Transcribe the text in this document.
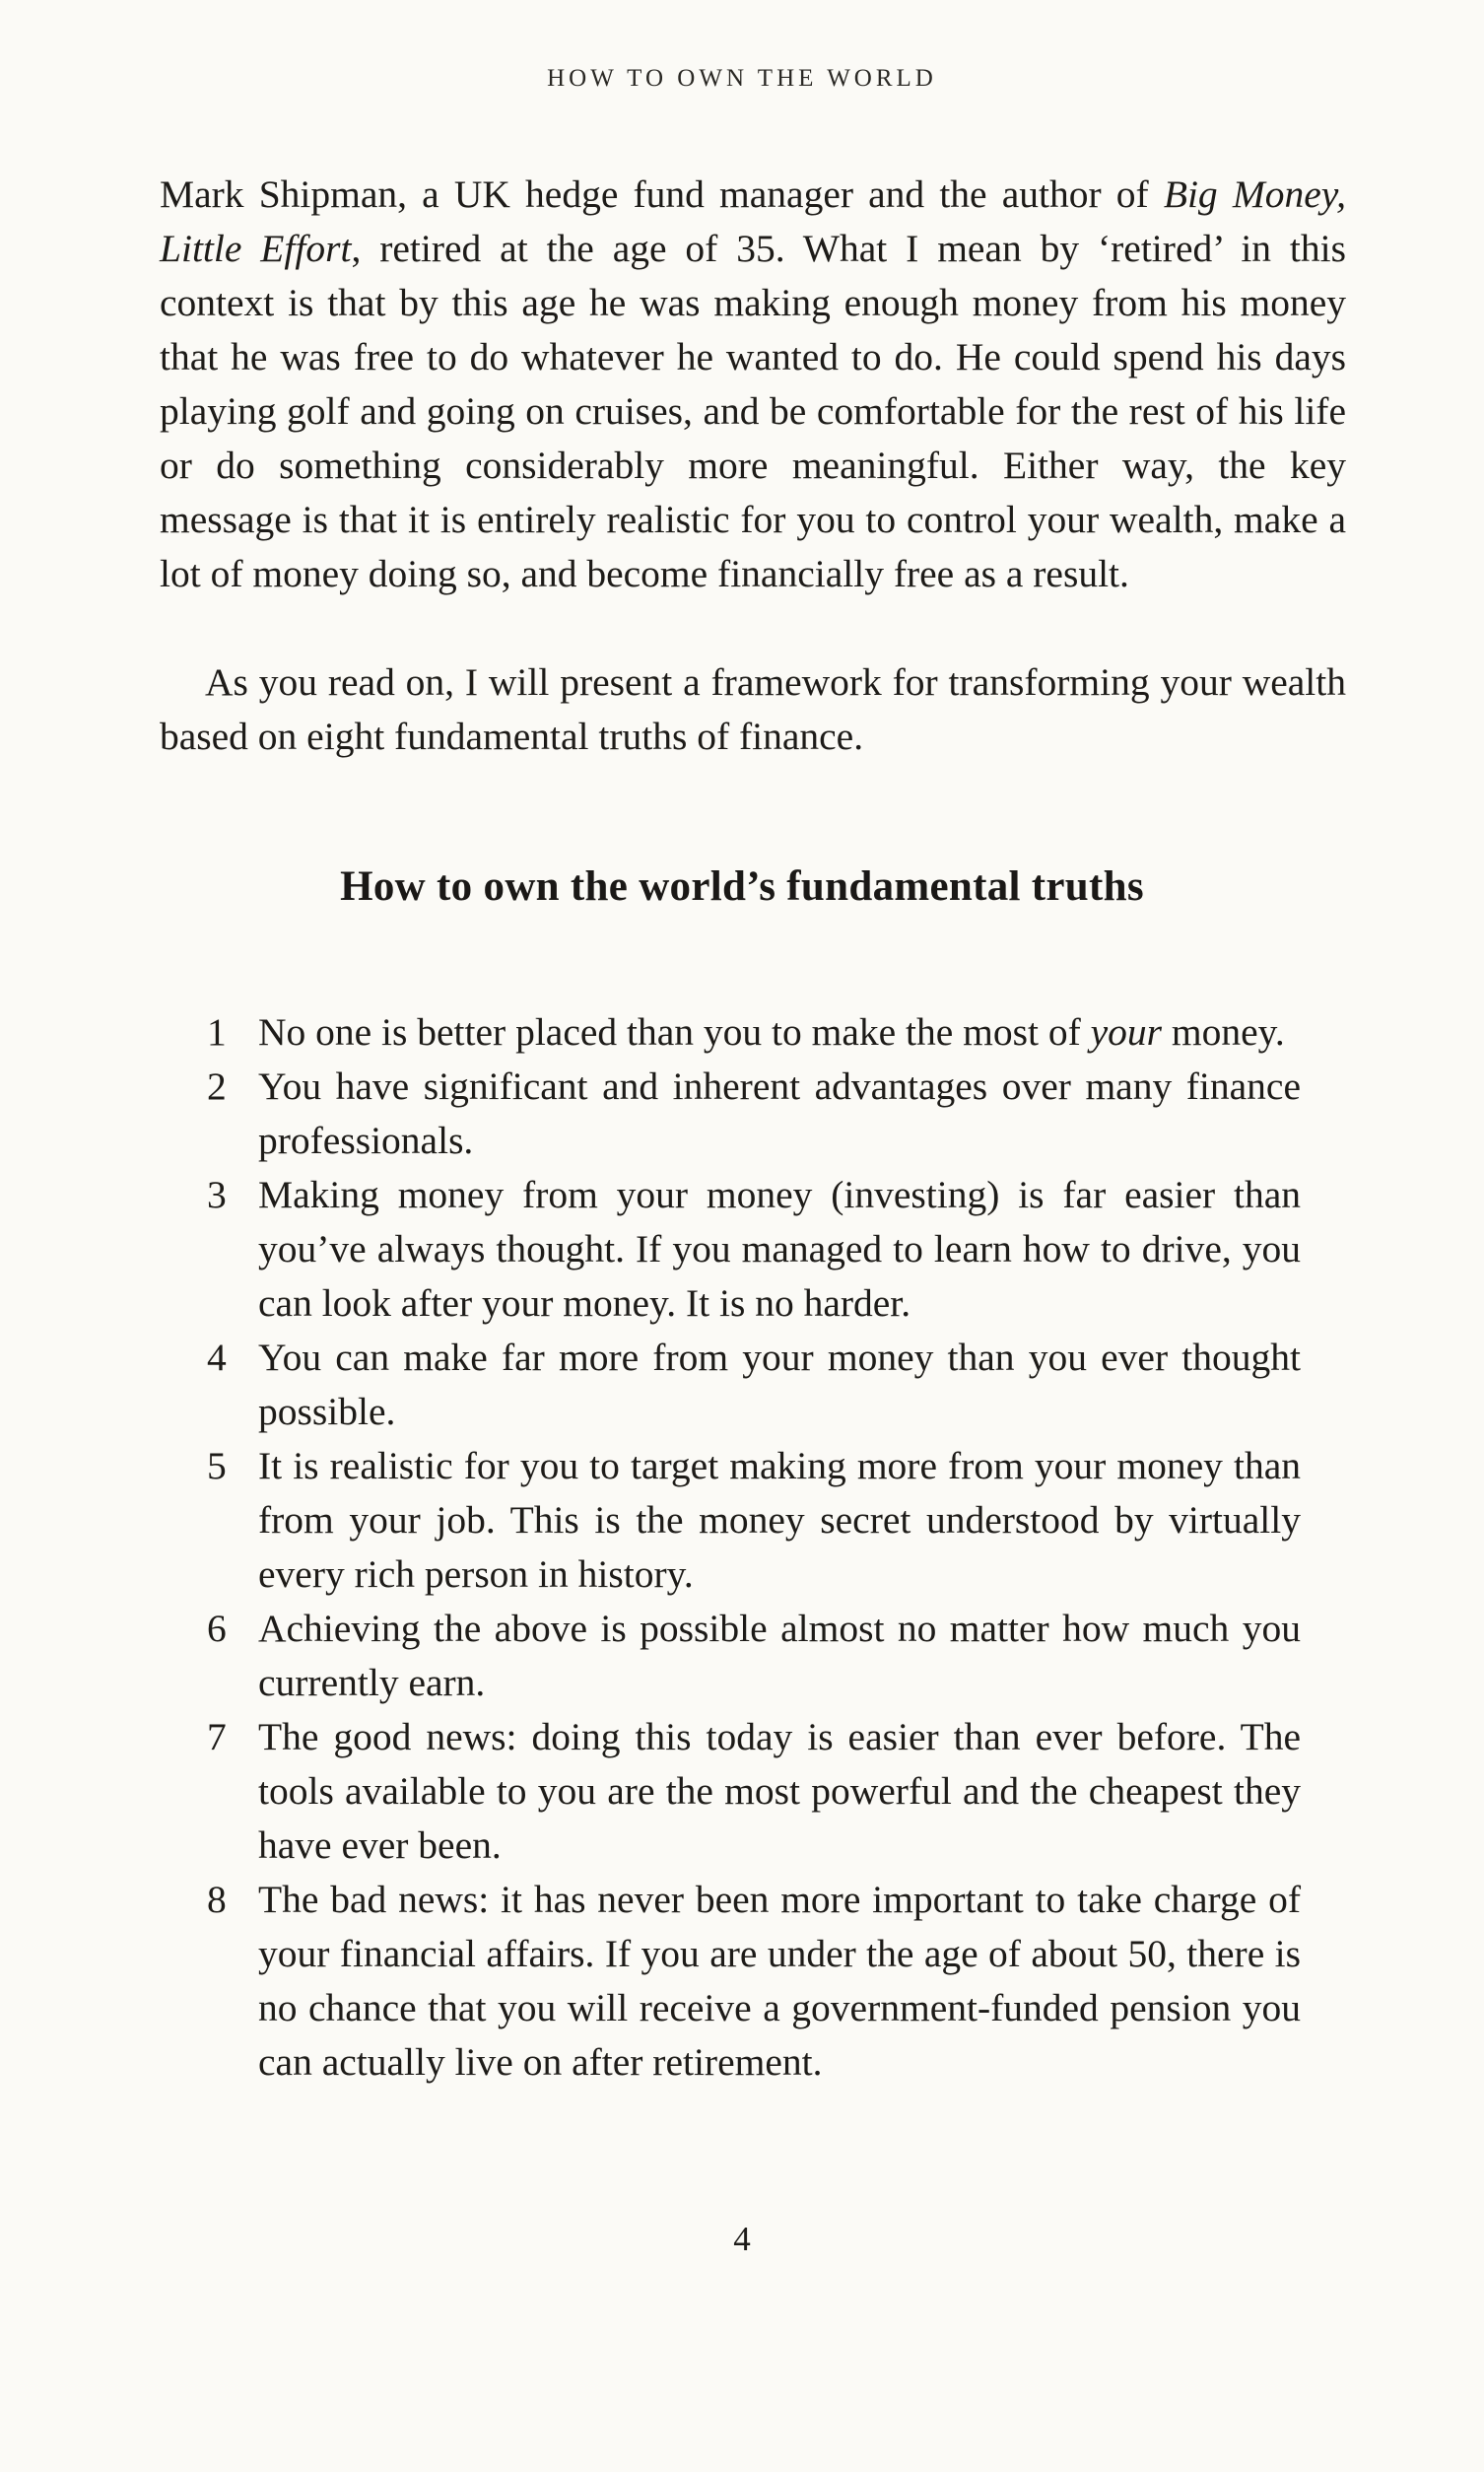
HOW TO OWN THE WORLD

Mark Shipman, a UK hedge fund manager and the author of Big Money, Little Effort, retired at the age of 35. What I mean by ‘retired’ in this context is that by this age he was making enough money from his money that he was free to do whatever he wanted to do. He could spend his days playing golf and going on cruises, and be comfortable for the rest of his life or do something considerably more meaningful. Either way, the key message is that it is entirely realistic for you to control your wealth, make a lot of money doing so, and become financially free as a result.

As you read on, I will present a framework for transforming your wealth based on eight fundamental truths of finance.

How to own the world’s fundamental truths
1 No one is better placed than you to make the most of your money.
2 You have significant and inherent advantages over many finance professionals.
3 Making money from your money (investing) is far easier than you’ve always thought. If you managed to learn how to drive, you can look after your money. It is no harder.
4 You can make far more from your money than you ever thought possible.
5 It is realistic for you to target making more from your money than from your job. This is the money secret understood by virtually every rich person in history.
6 Achieving the above is possible almost no matter how much you currently earn.
7 The good news: doing this today is easier than ever before. The tools available to you are the most powerful and the cheapest they have ever been.
8 The bad news: it has never been more important to take charge of your financial affairs. If you are under the age of about 50, there is no chance that you will receive a government-funded pension you can actually live on after retirement.
4
